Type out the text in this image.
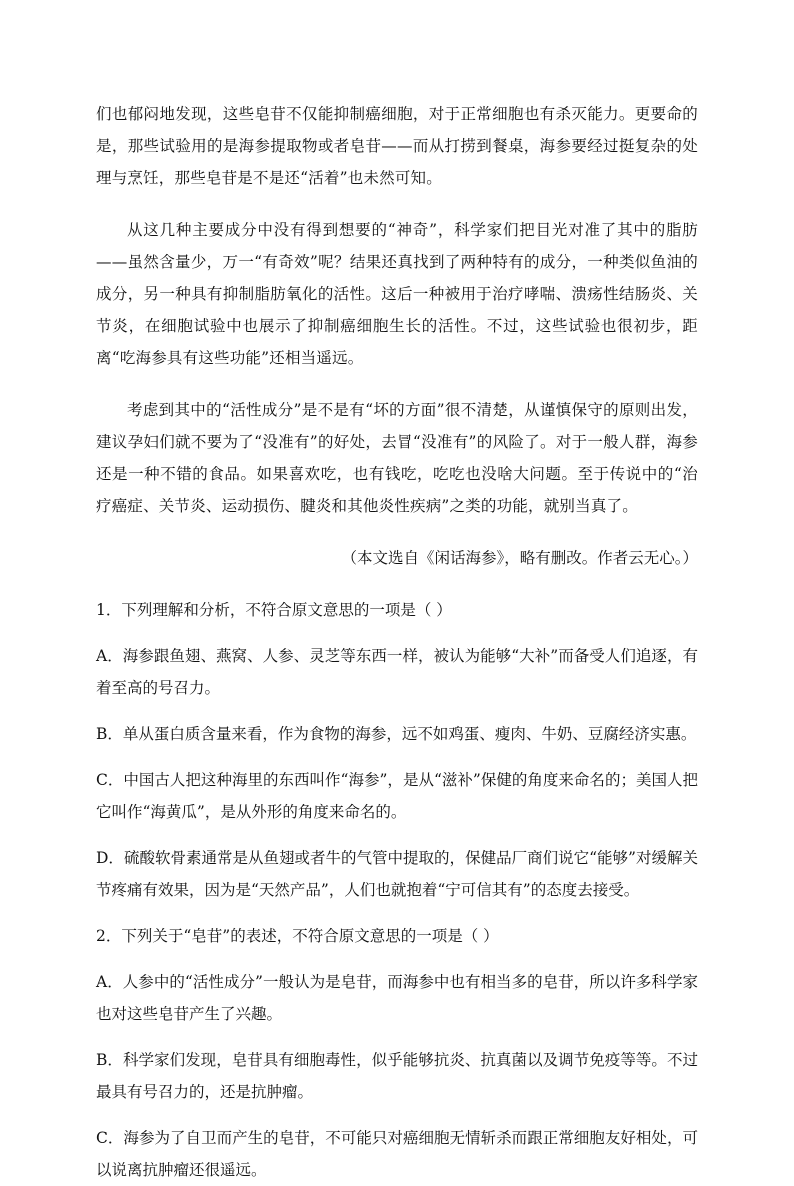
们也郁闷地发现，这些皂苷不仅能抑制癌细胞，对于正常细胞也有杀灭能力。更要命的是，那些试验用的是海参提取物或者皂苷——而从打捞到餐桌，海参要经过挺复杂的处理与烹饪，那些皂苷是不是还“活着”也未然可知。

从这几种主要成分中没有得到想要的“神奇”，科学家们把目光对准了其中的脂肪——虽然含量少，万一“有奇效”呢？结果还真找到了两种特有的成分，一种类似鱼油的成分，另一种具有抑制脂肪氧化的活性。这后一种被用于治疗哮喘、溃疡性结肠炎、关节炎，在细胞试验中也展示了抑制癌细胞生长的活性。不过，这些试验也很初步，距离“吃海参具有这些功能”还相当遥远。

考虑到其中的“活性成分”是不是有“坏的方面”很不清楚，从谨慎保守的原则出发，建议孕妇们就不要为了“没准有”的好处，去冒“没准有”的风险了。对于一般人群，海参还是一种不错的食品。如果喜欢吃，也有钱吃，吃吃也没啥大问题。至于传说中的“治疗癌症、关节炎、运动损伤、腱炎和其他炎性疾病”之类的功能，就别当真了。

（本文选自《闲话海参》，略有删改。作者云无心。）

1．下列理解和分析，不符合原文意思的一项是（ ）

A．海参跟鱼翅、燕窝、人参、灵芝等东西一样，被认为能够“大补”而备受人们追逐，有着至高的号召力。

B．单从蛋白质含量来看，作为食物的海参，远不如鸡蛋、瘦肉、牛奶、豆腐经济实惠。

C．中国古人把这种海里的东西叫作“海参”，是从“滋补”保健的角度来命名的；美国人把它叫作“海黄瓜”，是从外形的角度来命名的。

D．硫酸软骨素通常是从鱼翅或者牛的气管中提取的，保健品厂商们说它“能够”对缓解关节疼痛有效果，因为是“天然产品”，人们也就抱着“宁可信其有”的态度去接受。

2．下列关于“皂苷”的表述，不符合原文意思的一项是（ ）

A．人参中的“活性成分”一般认为是皂苷，而海参中也有相当多的皂苷，所以许多科学家也对这些皂苷产生了兴趣。

B．科学家们发现，皂苷具有细胞毒性，似乎能够抗炎、抗真菌以及调节免疫等等。不过最具有号召力的，还是抗肿瘤。

C．海参为了自卫而产生的皂苷，不可能只对癌细胞无情斩杀而跟正常细胞友好相处，可以说离抗肿瘤还很遥远。
